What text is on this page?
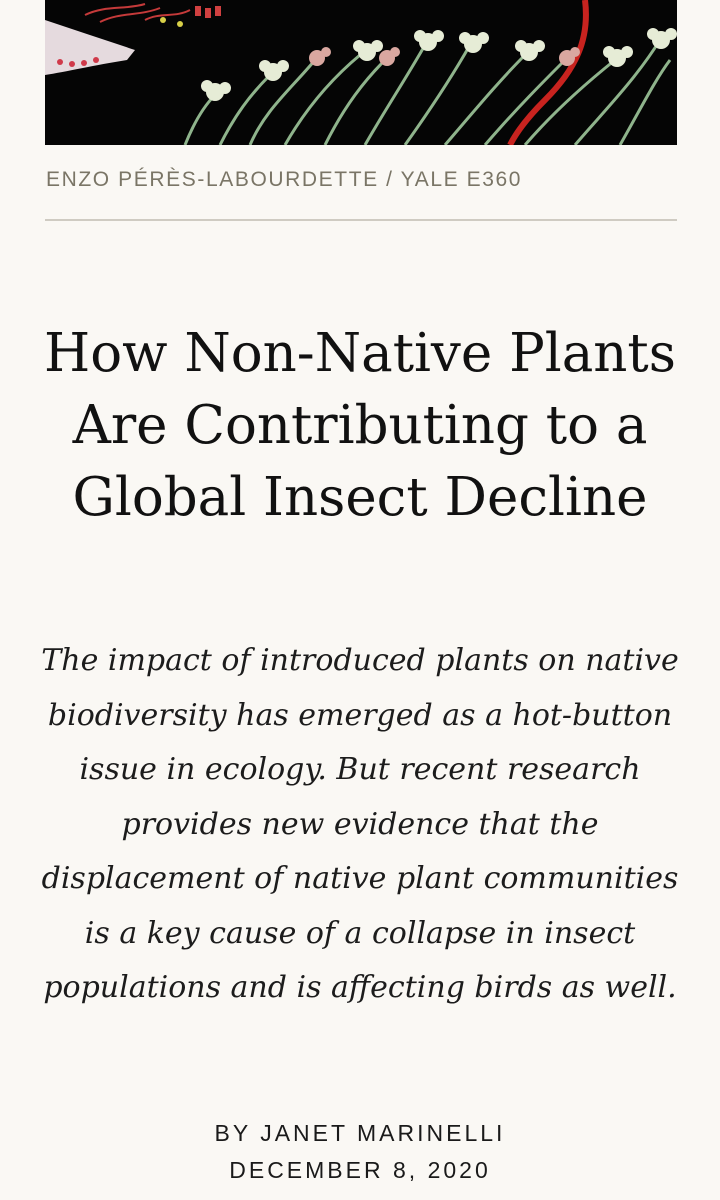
ENZO PÉRÈS-LABOURDETTE / YALE E360
How Non-Native Plants Are Contributing to a Global Insect Decline

The impact of introduced plants on native biodiversity has emerged as a hot-button issue in ecology. But recent research provides new evidence that the displacement of native plant communities is a key cause of a collapse in insect populations and is affecting birds as well.

BY JANET MARINELLI
DECEMBER 8, 2020
